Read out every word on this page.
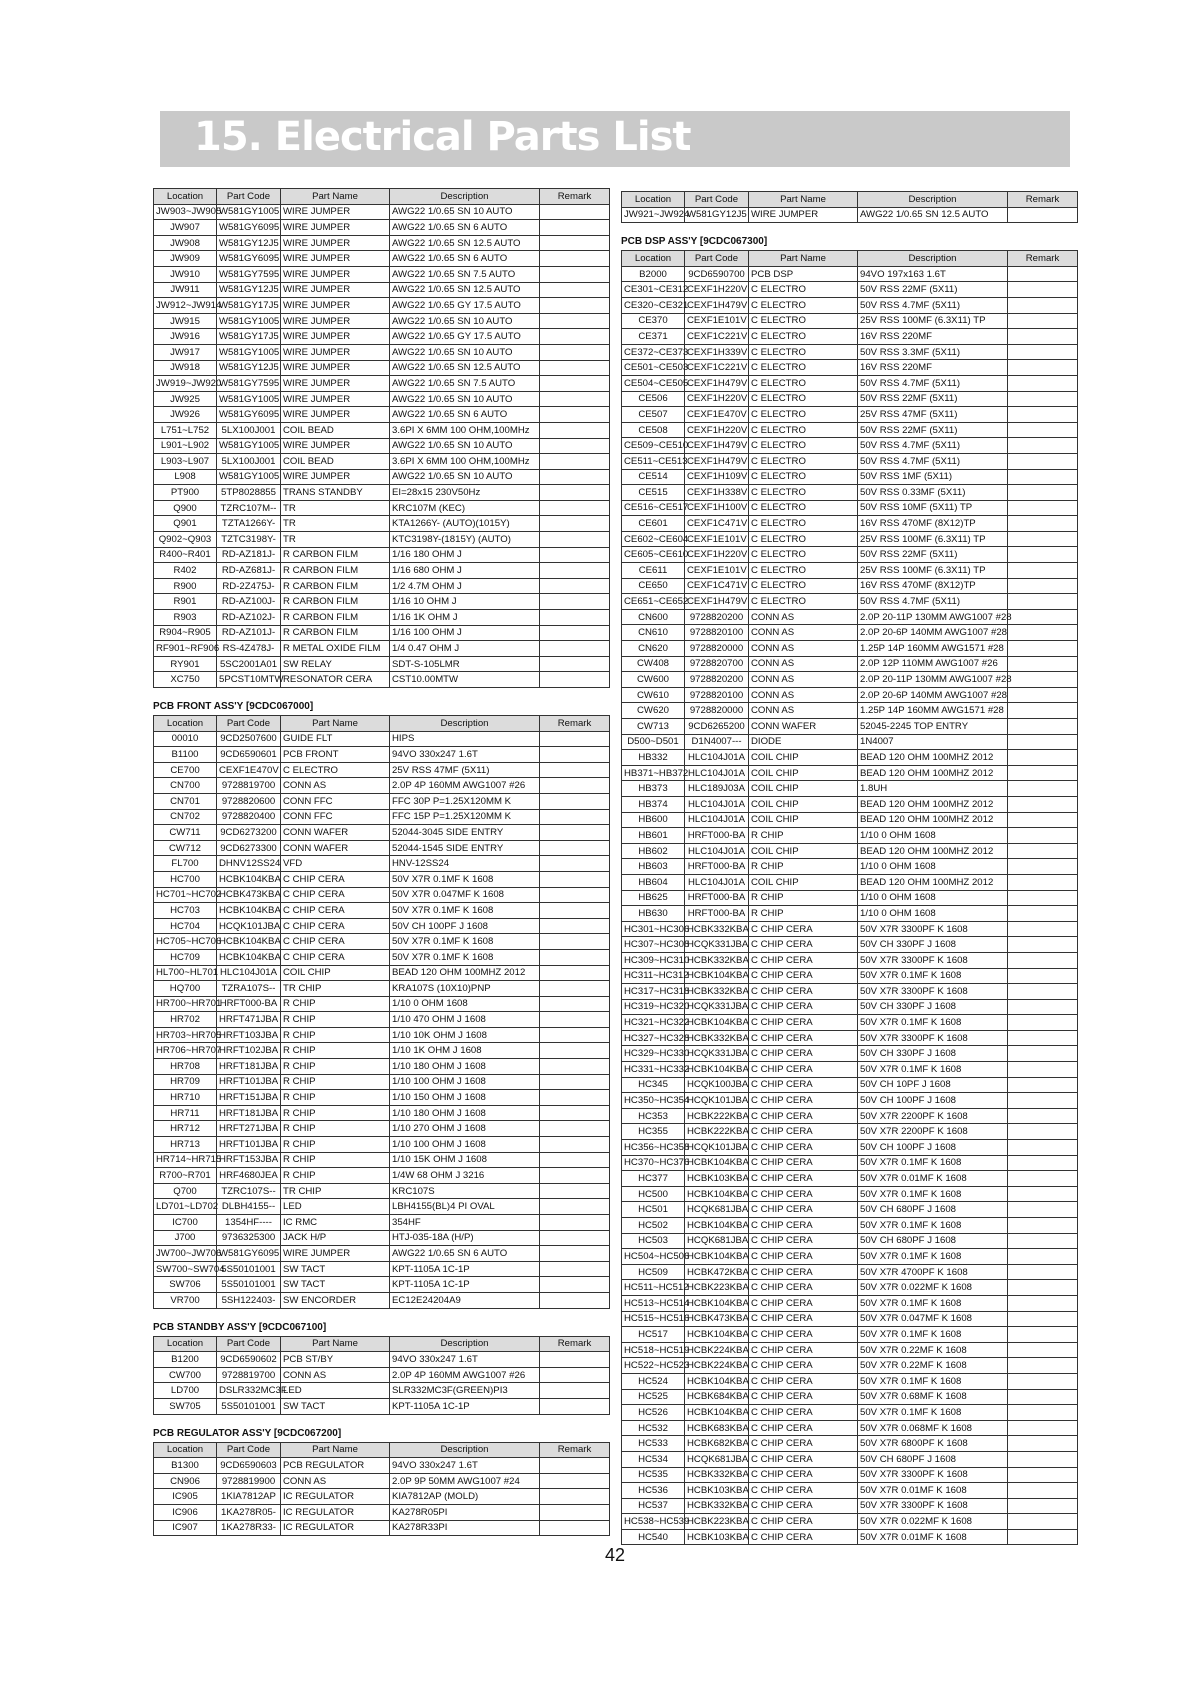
15. Electrical Parts List
Location	Part Code	Part Name	Description	Remark
JW903~JW905	W581GY1005	WIRE JUMPER	AWG22 1/0.65 SN 10 AUTO	
JW907	W581GY6095	WIRE JUMPER	AWG22 1/0.65 SN 6 AUTO	
JW908	W581GY12J5	WIRE JUMPER	AWG22 1/0.65 SN 12.5 AUTO	
JW909	W581GY6095	WIRE JUMPER	AWG22 1/0.65 SN 6 AUTO	
JW910	W581GY7595	WIRE JUMPER	AWG22 1/0.65 SN 7.5 AUTO	
JW911	W581GY12J5	WIRE JUMPER	AWG22 1/0.65 SN 12.5 AUTO	
JW912~JW914	W581GY17J5	WIRE JUMPER	AWG22 1/0.65 GY 17.5 AUTO	
JW915	W581GY1005	WIRE JUMPER	AWG22 1/0.65 SN 10 AUTO	
JW916	W581GY17J5	WIRE JUMPER	AWG22 1/0.65 GY 17.5 AUTO	
JW917	W581GY1005	WIRE JUMPER	AWG22 1/0.65 SN 10 AUTO	
JW918	W581GY12J5	WIRE JUMPER	AWG22 1/0.65 SN 12.5 AUTO	
JW919~JW920	W581GY7595	WIRE JUMPER	AWG22 1/0.65 SN 7.5 AUTO	
JW925	W581GY1005	WIRE JUMPER	AWG22 1/0.65 SN 10 AUTO	
JW926	W581GY6095	WIRE JUMPER	AWG22 1/0.65 SN 6 AUTO	
L751~L752	5LX100J001	COIL BEAD	3.6PI X 6MM 100 OHM,100MHz	
L901~L902	W581GY1005	WIRE JUMPER	AWG22 1/0.65 SN 10 AUTO	
L903~L907	5LX100J001	COIL BEAD	3.6PI X 6MM 100 OHM,100MHz	
L908	W581GY1005	WIRE JUMPER	AWG22 1/0.65 SN 10 AUTO	
PT900	5TP8028855	TRANS STANDBY	EI=28x15 230V50Hz	
Q900	TZRC107M--	TR	KRC107M (KEC)	
Q901	TZTA1266Y-	TR	KTA1266Y- (AUTO)(1015Y)	
Q902~Q903	TZTC3198Y-	TR	KTC3198Y-(1815Y) (AUTO)	
R400~R401	RD-AZ181J-	R CARBON FILM	1/16 180 OHM J	
R402	RD-AZ681J-	R CARBON FILM	1/16 680 OHM J	
R900	RD-2Z475J-	R CARBON FILM	1/2 4.7M OHM J	
R901	RD-AZ100J-	R CARBON FILM	1/16 10 OHM J	
R903	RD-AZ102J-	R CARBON FILM	1/16 1K OHM J	
R904~R905	RD-AZ101J-	R CARBON FILM	1/16 100 OHM J	
RF901~RF906	RS-4Z478J-	R METAL OXIDE FILM	1/4 0.47 OHM J	
RY901	5SC2001A01	SW RELAY	SDT-S-105LMR	
XC750	5PCST10MTW	RESONATOR CERA	CST10.00MTW	
PCB FRONT ASS'Y [9CDC067000]
Location	Part Code	Part Name	Description	Remark
00010	9CD2507600	GUIDE FLT	HIPS	
B1100	9CD6590601	PCB FRONT	94VO 330x247 1.6T	
CE700	CEXF1E470V	C ELECTRO	25V RSS 47MF (5X11)	
CN700	9728819700	CONN AS	2.0P 4P 160MM AWG1007 #26	
CN701	9728820600	CONN FFC	FFC 30P P=1.25X120MM K	
CN702	9728820400	CONN FFC	FFC 15P P=1.25X120MM K	
CW711	9CD6273200	CONN WAFER	52044-3045 SIDE ENTRY	
CW712	9CD6273300	CONN WAFER	52044-1545 SIDE ENTRY	
FL700	DHNV12SS24	VFD	HNV-12SS24	
HC700	HCBK104KBA	C CHIP CERA	50V X7R 0.1MF K 1608	
HC701~HC702	HCBK473KBA	C CHIP CERA	50V X7R 0.047MF K 1608	
HC703	HCBK104KBA	C CHIP CERA	50V X7R 0.1MF K 1608	
HC704	HCQK101JBA	C CHIP CERA	50V CH 100PF J 1608	
HC705~HC706	HCBK104KBA	C CHIP CERA	50V X7R 0.1MF K 1608	
HC709	HCBK104KBA	C CHIP CERA	50V X7R 0.1MF K 1608	
HL700~HL701	HLC104J01A	COIL CHIP	BEAD 120 OHM 100MHZ 2012	
HQ700	TZRA107S--	TR CHIP	KRA107S (10X10)PNP	
HR700~HR701	HRFT000-BA	R CHIP	1/10 0 OHM 1608	
HR702	HRFT471JBA	R CHIP	1/10 470 OHM J 1608	
HR703~HR705	HRFT103JBA	R CHIP	1/10 10K OHM J 1608	
HR706~HR707	HRFT102JBA	R CHIP	1/10 1K OHM J 1608	
HR708	HRFT181JBA	R CHIP	1/10 180 OHM J 1608	
HR709	HRFT101JBA	R CHIP	1/10 100 OHM J 1608	
HR710	HRFT151JBA	R CHIP	1/10 150 OHM J 1608	
HR711	HRFT181JBA	R CHIP	1/10 180 OHM J 1608	
HR712	HRFT271JBA	R CHIP	1/10 270 OHM J 1608	
HR713	HRFT101JBA	R CHIP	1/10 100 OHM J 1608	
HR714~HR715	HRFT153JBA	R CHIP	1/10 15K OHM J 1608	
R700~R701	HRF4680JEA	R CHIP	1/4W 68 OHM J 3216	
Q700	TZRC107S--	TR CHIP	KRC107S	
LD701~LD702	DLBH4155--	LED	LBH4155(BL)4 PI OVAL	
IC700	1354HF----	IC RMC	354HF	
J700	9736325300	JACK H/P	HTJ-035-18A (H/P)	
JW700~JW706	W581GY6095	WIRE JUMPER	AWG22 1/0.65 SN 6 AUTO	
SW700~SW704	5S50101001	SW TACT	KPT-1105A 1C-1P	
SW706	5S50101001	SW TACT	KPT-1105A 1C-1P	
VR700	5SH122403-	SW ENCORDER	EC12E24204A9	
PCB STANDBY ASS'Y [9CDC067100]
Location	Part Code	Part Name	Description	Remark
B1200	9CD6590602	PCB ST/BY	94VO 330x247 1.6T	
CW700	9728819700	CONN AS	2.0P 4P 160MM AWG1007 #26	
LD700	DSLR332MC3F	LED	SLR332MC3F(GREEN)PI3	
SW705	5S50101001	SW TACT	KPT-1105A 1C-1P	
PCB REGULATOR ASS'Y [9CDC067200]
Location	Part Code	Part Name	Description	Remark
B1300	9CD6590603	PCB REGULATOR	94VO 330x247 1.6T	
CN906	9728819900	CONN AS	2.0P 9P 50MM AWG1007 #24	
IC905	1KIA7812AP	IC REGULATOR	KIA7812AP (MOLD)	
IC906	1KA278R05-	IC REGULATOR	KA278R05PI	
IC907	1KA278R33-	IC REGULATOR	KA278R33PI	
Location	Part Code	Part Name	Description	Remark
JW921~JW924	W581GY12J5	WIRE JUMPER	AWG22 1/0.65 SN 12.5 AUTO	
PCB DSP ASS'Y [9CDC067300]
Location	Part Code	Part Name	Description	Remark
B2000	9CD6590700	PCB DSP	94VO 197x163 1.6T	
CE301~CE312	CEXF1H220V	C ELECTRO	50V RSS 22MF (5X11)	
CE320~CE321	CEXF1H479V	C ELECTRO	50V RSS 4.7MF (5X11)	
CE370	CEXF1E101V	C ELECTRO	25V RSS 100MF (6.3X11) TP	
CE371	CEXF1C221V	C ELECTRO	16V RSS 220MF	
CE372~CE373	CEXF1H339V	C ELECTRO	50V RSS 3.3MF (5X11)	
CE501~CE503	CEXF1C221V	C ELECTRO	16V RSS 220MF	
CE504~CE505	CEXF1H479V	C ELECTRO	50V RSS 4.7MF (5X11)	
CE506	CEXF1H220V	C ELECTRO	50V RSS 22MF (5X11)	
CE507	CEXF1E470V	C ELECTRO	25V RSS 47MF (5X11)	
CE508	CEXF1H220V	C ELECTRO	50V RSS 22MF (5X11)	
CE509~CE510	CEXF1H479V	C ELECTRO	50V RSS 4.7MF (5X11)	
CE511~CE513	CEXF1H479V	C ELECTRO	50V RSS 4.7MF (5X11)	
CE514	CEXF1H109V	C ELECTRO	50V RSS 1MF (5X11)	
CE515	CEXF1H338V	C ELECTRO	50V RSS 0.33MF (5X11)	
CE516~CE517	CEXF1H100V	C ELECTRO	50V RSS 10MF (5X11) TP	
CE601	CEXF1C471V	C ELECTRO	16V RSS 470MF (8X12)TP	
CE602~CE604	CEXF1E101V	C ELECTRO	25V RSS 100MF (6.3X11) TP	
CE605~CE610	CEXF1H220V	C ELECTRO	50V RSS 22MF (5X11)	
CE611	CEXF1E101V	C ELECTRO	25V RSS 100MF (6.3X11) TP	
CE650	CEXF1C471V	C ELECTRO	16V RSS 470MF (8X12)TP	
CE651~CE652	CEXF1H479V	C ELECTRO	50V RSS 4.7MF (5X11)	
CN600	9728820200	CONN AS	2.0P 20-11P 130MM AWG1007 #28	
CN610	9728820100	CONN AS	2.0P 20-6P 140MM AWG1007 #28	
CN620	9728820000	CONN AS	1.25P 14P 160MM AWG1571 #28	
CW408	9728820700	CONN AS	2.0P 12P 110MM AWG1007 #26	
CW600	9728820200	CONN AS	2.0P 20-11P 130MM AWG1007 #28	
CW610	9728820100	CONN AS	2.0P 20-6P 140MM AWG1007 #28	
CW620	9728820000	CONN AS	1.25P 14P 160MM AWG1571 #28	
CW713	9CD6265200	CONN WAFER	52045-2245 TOP ENTRY	
D500~D501	D1N4007---	DIODE	1N4007	
HB332	HLC104J01A	COIL CHIP	BEAD 120 OHM 100MHZ 2012	
HB371~HB372	HLC104J01A	COIL CHIP	BEAD 120 OHM 100MHZ 2012	
HB373	HLC189J03A	COIL CHIP	1.8UH	
HB374	HLC104J01A	COIL CHIP	BEAD 120 OHM 100MHZ 2012	
HB600	HLC104J01A	COIL CHIP	BEAD 120 OHM 100MHZ 2012	
HB601	HRFT000-BA	R CHIP	1/10 0 OHM 1608	
HB602	HLC104J01A	COIL CHIP	BEAD 120 OHM 100MHZ 2012	
HB603	HRFT000-BA	R CHIP	1/10 0 OHM 1608	
HB604	HLC104J01A	COIL CHIP	BEAD 120 OHM 100MHZ 2012	
HB625	HRFT000-BA	R CHIP	1/10 0 OHM 1608	
HB630	HRFT000-BA	R CHIP	1/10 0 OHM 1608	
HC301~HC306	HCBK332KBA	C CHIP CERA	50V X7R 3300PF K 1608	
HC307~HC308	HCQK331JBA	C CHIP CERA	50V CH 330PF J 1608	
HC309~HC310	HCBK332KBA	C CHIP CERA	50V X7R 3300PF K 1608	
HC311~HC312	HCBK104KBA	C CHIP CERA	50V X7R 0.1MF K 1608	
HC317~HC318	HCBK332KBA	C CHIP CERA	50V X7R 3300PF K 1608	
HC319~HC320	HCQK331JBA	C CHIP CERA	50V CH 330PF J 1608	
HC321~HC322	HCBK104KBA	C CHIP CERA	50V X7R 0.1MF K 1608	
HC327~HC328	HCBK332KBA	C CHIP CERA	50V X7R 3300PF K 1608	
HC329~HC330	HCQK331JBA	C CHIP CERA	50V CH 330PF J 1608	
HC331~HC332	HCBK104KBA	C CHIP CERA	50V X7R 0.1MF K 1608	
HC345	HCQK100JBA	C CHIP CERA	50V CH 10PF J 1608	
HC350~HC354	HCQK101JBA	C CHIP CERA	50V CH 100PF J 1608	
HC353	HCBK222KBA	C CHIP CERA	50V X7R 2200PF K 1608	
HC355	HCBK222KBA	C CHIP CERA	50V X7R 2200PF K 1608	
HC356~HC358	HCQK101JBA	C CHIP CERA	50V CH 100PF J 1608	
HC370~HC376	HCBK104KBA	C CHIP CERA	50V X7R 0.1MF K 1608	
HC377	HCBK103KBA	C CHIP CERA	50V X7R 0.01MF K 1608	
HC500	HCBK104KBA	C CHIP CERA	50V X7R 0.1MF K 1608	
HC501	HCQK681JBA	C CHIP CERA	50V CH 680PF J 1608	
HC502	HCBK104KBA	C CHIP CERA	50V X7R 0.1MF K 1608	
HC503	HCQK681JBA	C CHIP CERA	50V CH 680PF J 1608	
HC504~HC506	HCBK104KBA	C CHIP CERA	50V X7R 0.1MF K 1608	
HC509	HCBK472KBA	C CHIP CERA	50V X7R 4700PF K 1608	
HC511~HC512	HCBK223KBA	C CHIP CERA	50V X7R 0.022MF K 1608	
HC513~HC514	HCBK104KBA	C CHIP CERA	50V X7R 0.1MF K 1608	
HC515~HC516	HCBK473KBA	C CHIP CERA	50V X7R 0.047MF K 1608	
HC517	HCBK104KBA	C CHIP CERA	50V X7R 0.1MF K 1608	
HC518~HC519	HCBK224KBA	C CHIP CERA	50V X7R 0.22MF K 1608	
HC522~HC523	HCBK224KBA	C CHIP CERA	50V X7R 0.22MF K 1608	
HC524	HCBK104KBA	C CHIP CERA	50V X7R 0.1MF K 1608	
HC525	HCBK684KBA	C CHIP CERA	50V X7R 0.68MF K 1608	
HC526	HCBK104KBA	C CHIP CERA	50V X7R 0.1MF K 1608	
HC532	HCBK683KBA	C CHIP CERA	50V X7R 0.068MF K 1608	
HC533	HCBK682KBA	C CHIP CERA	50V X7R 6800PF K 1608	
HC534	HCQK681JBA	C CHIP CERA	50V CH 680PF J 1608	
HC535	HCBK332KBA	C CHIP CERA	50V X7R 3300PF K 1608	
HC536	HCBK103KBA	C CHIP CERA	50V X7R 0.01MF K 1608	
HC537	HCBK332KBA	C CHIP CERA	50V X7R 3300PF K 1608	
HC538~HC539	HCBK223KBA	C CHIP CERA	50V X7R 0.022MF K 1608	
HC540	HCBK103KBA	C CHIP CERA	50V X7R 0.01MF K 1608	
42
